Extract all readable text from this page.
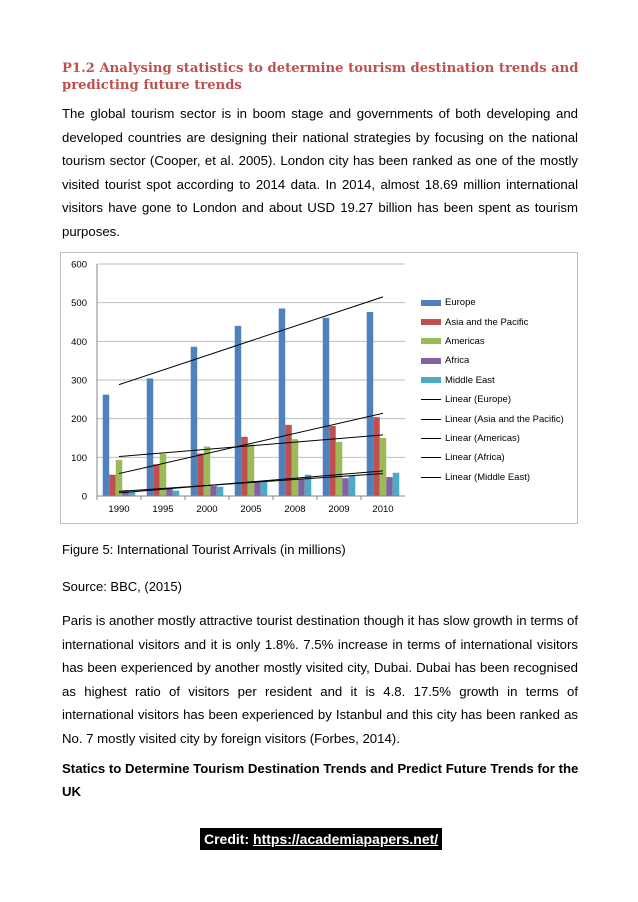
P1.2 Analysing statistics to determine tourism destination trends and predicting future trends

The global tourism sector is in boom stage and governments of both developing and developed countries are designing their national strategies by focusing on the national tourism sector (Cooper, et al. 2005). London city has been ranked as one of the mostly visited tourist spot according to 2014 data. In 2014, almost 18.69 million international visitors have gone to London and about USD 19.27 billion has been spent as tourism purposes.

0
100
200
300
400
500
600
1990 1995 2000 2005 2008 2009 2010
Europe
Asia and the Pacific
Americas
Africa
Middle East
Linear (Europe)
Linear (Asia and the Pacific)
Linear (Americas)
Linear (Africa)
Linear (Middle East)

Figure 5: International Tourist Arrivals (in millions)

Source: BBC, (2015)

Paris is another mostly attractive tourist destination though it has slow growth in terms of international visitors and it is only 1.8%. 7.5% increase in terms of international visitors has been experienced by another mostly visited city, Dubai. Dubai has been recognised as highest ratio of visitors per resident and it is 4.8. 17.5% growth in terms of international visitors has been experienced by Istanbul and this city has been ranked as No. 7 mostly visited city by foreign visitors (Forbes, 2014).

Statics to Determine Tourism Destination Trends and Predict Future Trends for the UK

Credit: https://academiapapers.net/
